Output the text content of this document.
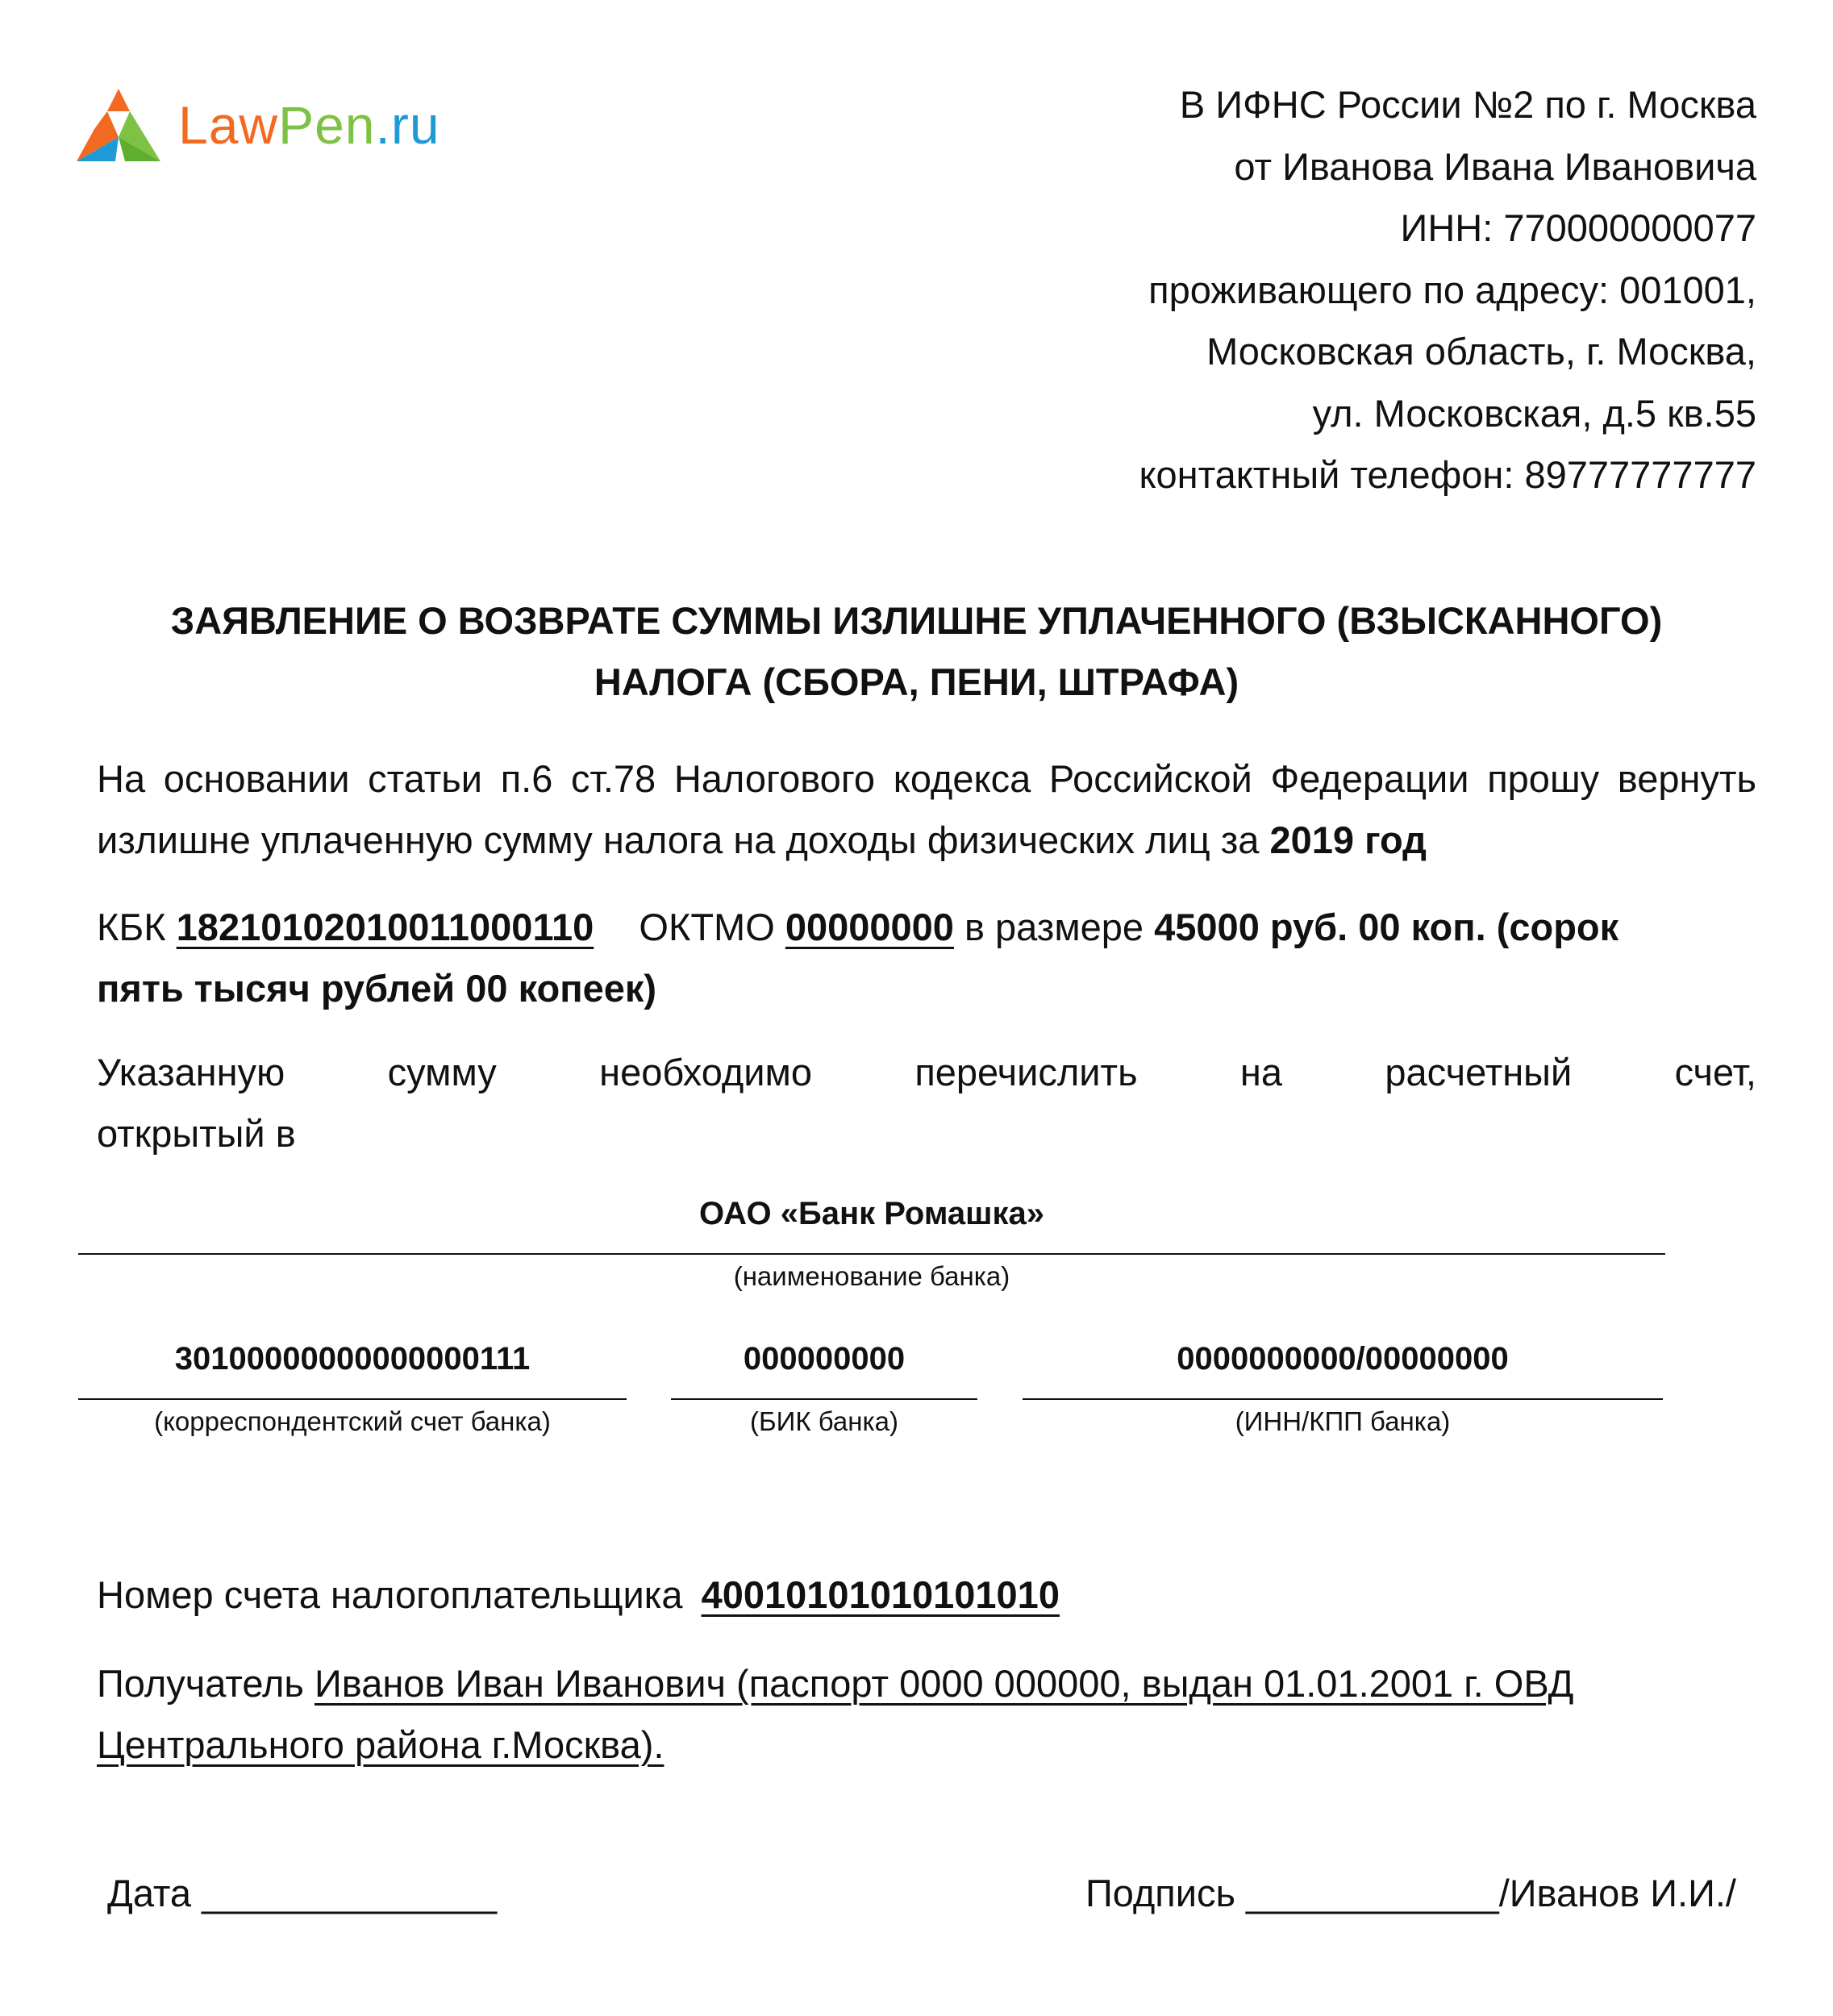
LawPen.ru	В ИФНС России №2 по г. Москва
от Иванова Ивана Ивановича
ИНН: 770000000077
проживающего по адресу: 001001,
Московская область, г. Москва,
ул. Московская, д.5 кв.55
контактный телефон: 89777777777
ЗАЯВЛЕНИЕ О ВОЗВРАТЕ СУММЫ ИЗЛИШНЕ УПЛАЧЕННОГО (ВЗЫСКАННОГО)
НАЛОГА (СБОРА, ПЕНИ, ШТРАФА)
На основании статьи п.6 ст.78 Налогового кодекса Российской Федерации прошу вернуть излишне уплаченную сумму налога на доходы физических лиц за 2019 год
КБК 18210102010011000110 ОКТМО 00000000 в размере 45000 руб. 00 коп. (сорок
пять тысяч рублей 00 копеек)
Указанную сумму необходимо перечислить на расчетный счет,
открытый в
ОАО «Банк Ромашка»
(наименование банка)
30100000000000000111
(корреспондентский счет банка)
000000000
(БИК банка)
0000000000/00000000
(ИНН/КПП банка)
Номер счета налогоплательщика 40010101010101010
Получатель Иванов Иван Иванович (паспорт 0000 000000, выдан 01.01.2001 г. ОВД
Центрального района г.Москва).
Дата ______________	Подпись ____________/Иванов И.И./
